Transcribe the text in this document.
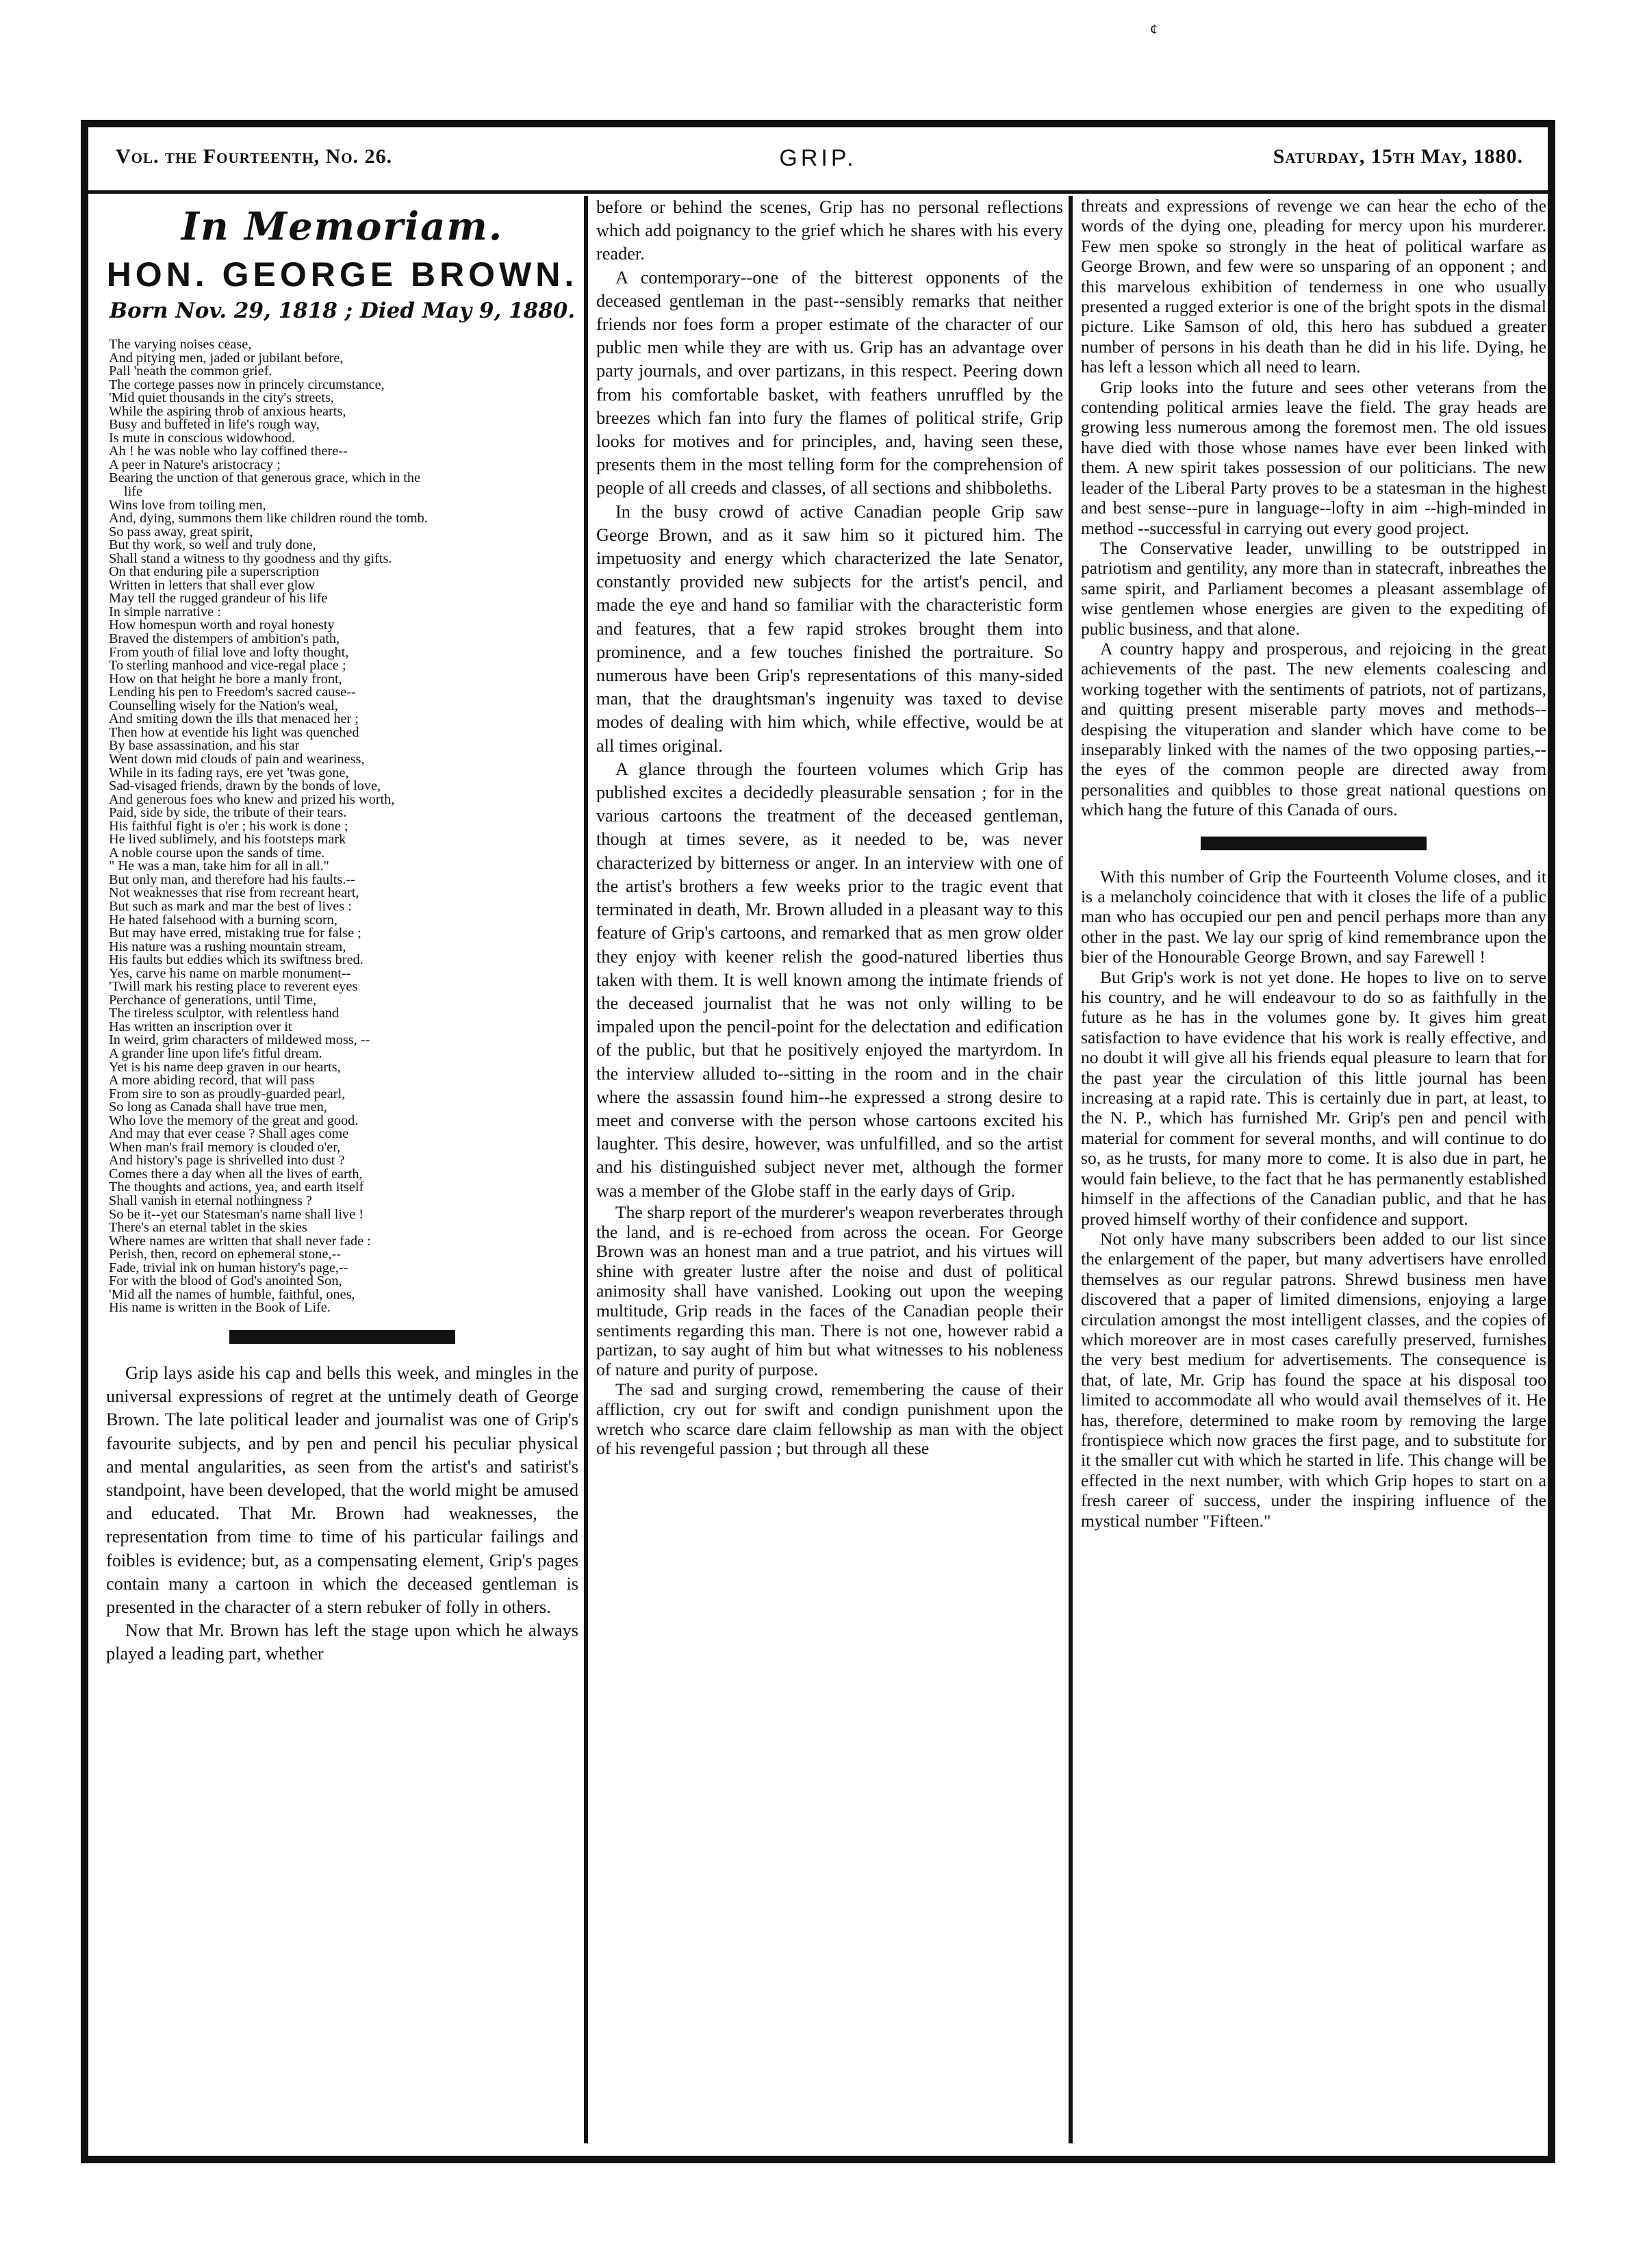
¢
Vol. the Fourteenth, No. 26.	GRIP.	Saturday, 15th May, 1880.
In Memoriam.
HON. GEORGE BROWN.
Born Nov. 29, 1818 ; Died May 9, 1880.
The varying noises cease,
And pitying men, jaded or jubilant before,
Pall 'neath the common grief.
The cortege passes now in princely circumstance,
'Mid quiet thousands in the city's streets,
While the aspiring throb of anxious hearts,
Busy and buffeted in life's rough way,
Is mute in conscious widowhood.
Ah ! he was noble who lay coffined there--
A peer in Nature's aristocracy ;
Bearing the unction of that generous grace, which in the
life
Wins love from toiling men,
And, dying, summons them like children round the tomb.
So pass away, great spirit,
But thy work, so well and truly done,
Shall stand a witness to thy goodness and thy gifts.
On that enduring pile a superscription
Written in letters that shall ever glow
May tell the rugged grandeur of his life
In simple narrative :
How homespun worth and royal honesty
Braved the distempers of ambition's path,
From youth of filial love and lofty thought,
To sterling manhood and vice-regal place ;
How on that height he bore a manly front,
Lending his pen to Freedom's sacred cause--
Counselling wisely for the Nation's weal,
And smiting down the ills that menaced her ;
Then how at eventide his light was quenched
By base assassination, and his star
Went down mid clouds of pain and weariness,
While in its fading rays, ere yet 'twas gone,
Sad-visaged friends, drawn by the bonds of love,
And generous foes who knew and prized his worth,
Paid, side by side, the tribute of their tears.
His faithful fight is o'er ; his work is done ;
He lived sublimely, and his footsteps mark
A noble course upon the sands of time.
" He was a man, take him for all in all."
But only man, and therefore had his faults.--
Not weaknesses that rise from recreant heart,
But such as mark and mar the best of lives :
He hated falsehood with a burning scorn,
But may have erred, mistaking true for false ;
His nature was a rushing mountain stream,
His faults but eddies which its swiftness bred.
Yes, carve his name on marble monument--
'Twill mark his resting place to reverent eyes
Perchance of generations, until Time,
The tireless sculptor, with relentless hand
Has written an inscription over it
In weird, grim characters of mildewed moss, --
A grander line upon life's fitful dream.
Yet is his name deep graven in our hearts,
A more abiding record, that will pass
From sire to son as proudly-guarded pearl,
So long as Canada shall have true men,
Who love the memory of the great and good.
And may that ever cease ? Shall ages come
When man's frail memory is clouded o'er,
And history's page is shrivelled into dust ?
Comes there a day when all the lives of earth,
The thoughts and actions, yea, and earth itself
Shall vanish in eternal nothingness ?
So be it--yet our Statesman's name shall live !
There's an eternal tablet in the skies
Where names are written that shall never fade :
Perish, then, record on ephemeral stone,--
Fade, trivial ink on human history's page,--
For with the blood of God's anointed Son,
'Mid all the names of humble, faithful, ones,
His name is written in the Book of Life.

Grip lays aside his cap and bells this week, and mingles in the universal expressions of regret at the untimely death of George Brown. The late political leader and journalist was one of Grip's favourite subjects, and by pen and pencil his peculiar physical and mental angularities, as seen from the artist's and satirist's standpoint, have been developed, that the world might be amused and educated. That Mr. Brown had weaknesses, the representation from time to time of his particular failings and foibles is evidence; but, as a compensating element, Grip's pages contain many a cartoon in which the deceased gentleman is presented in the character of a stern rebuker of folly in others.

Now that Mr. Brown has left the stage upon which he always played a leading part, whether

before or behind the scenes, Grip has no personal reflections which add poignancy to the grief which he shares with his every reader.

A contemporary--one of the bitterest opponents of the deceased gentleman in the past--sensibly remarks that neither friends nor foes form a proper estimate of the character of our public men while they are with us. Grip has an advantage over party journals, and over partizans, in this respect. Peering down from his comfortable basket, with feathers unruffled by the breezes which fan into fury the flames of political strife, Grip looks for motives and for principles, and, having seen these, presents them in the most telling form for the comprehension of people of all creeds and classes, of all sections and shibboleths.

In the busy crowd of active Canadian people Grip saw George Brown, and as it saw him so it pictured him. The impetuosity and energy which characterized the late Senator, constantly provided new subjects for the artist's pencil, and made the eye and hand so familiar with the characteristic form and features, that a few rapid strokes brought them into prominence, and a few touches finished the portraiture. So numerous have been Grip's representations of this many-sided man, that the draughtsman's ingenuity was taxed to devise modes of dealing with him which, while effective, would be at all times original.

A glance through the fourteen volumes which Grip has published excites a decidedly pleasurable sensation ; for in the various cartoons the treatment of the deceased gentleman, though at times severe, as it needed to be, was never characterized by bitterness or anger. In an interview with one of the artist's brothers a few weeks prior to the tragic event that terminated in death, Mr. Brown alluded in a pleasant way to this feature of Grip's cartoons, and remarked that as men grow older they enjoy with keener relish the good-natured liberties thus taken with them. It is well known among the intimate friends of the deceased journalist that he was not only willing to be impaled upon the pencil-point for the delectation and edification of the public, but that he positively enjoyed the martyrdom. In the interview alluded to--sitting in the room and in the chair where the assassin found him--he expressed a strong desire to meet and converse with the person whose cartoons excited his laughter. This desire, however, was unfulfilled, and so the artist and his distinguished subject never met, although the former was a member of the Globe staff in the early days of Grip.

The sharp report of the murderer's weapon reverberates through the land, and is re-echoed from across the ocean. For George Brown was an honest man and a true patriot, and his virtues will shine with greater lustre after the noise and dust of political animosity shall have vanished. Looking out upon the weeping multitude, Grip reads in the faces of the Canadian people their sentiments regarding this man. There is not one, however rabid a partizan, to say aught of him but what witnesses to his nobleness of nature and purity of purpose.

The sad and surging crowd, remembering the cause of their affliction, cry out for swift and condign punishment upon the wretch who scarce dare claim fellowship as man with the object of his revengeful passion ; but through all these

threats and expressions of revenge we can hear the echo of the words of the dying one, pleading for mercy upon his murderer. Few men spoke so strongly in the heat of political warfare as George Brown, and few were so unsparing of an opponent ; and this marvelous exhibition of tenderness in one who usually presented a rugged exterior is one of the bright spots in the dismal picture. Like Samson of old, this hero has subdued a greater number of persons in his death than he did in his life. Dying, he has left a lesson which all need to learn.

Grip looks into the future and sees other veterans from the contending political armies leave the field. The gray heads are growing less numerous among the foremost men. The old issues have died with those whose names have ever been linked with them. A new spirit takes possession of our politicians. The new leader of the Liberal Party proves to be a statesman in the highest and best sense--pure in language--lofty in aim --high-minded in method --successful in carrying out every good project.

The Conservative leader, unwilling to be outstripped in patriotism and gentility, any more than in statecraft, inbreathes the same spirit, and Parliament becomes a pleasant assemblage of wise gentlemen whose energies are given to the expediting of public business, and that alone.

A country happy and prosperous, and rejoicing in the great achievements of the past. The new elements coalescing and working together with the sentiments of patriots, not of partizans, and quitting present miserable party moves and methods--despising the vituperation and slander which have come to be inseparably linked with the names of the two opposing parties,--the eyes of the common people are directed away from personalities and quibbles to those great national questions on which hang the future of this Canada of ours.

With this number of Grip the Fourteenth Volume closes, and it is a melancholy coincidence that with it closes the life of a public man who has occupied our pen and pencil perhaps more than any other in the past. We lay our sprig of kind remembrance upon the bier of the Honourable George Brown, and say Farewell !

But Grip's work is not yet done. He hopes to live on to serve his country, and he will endeavour to do so as faithfully in the future as he has in the volumes gone by. It gives him great satisfaction to have evidence that his work is really effective, and no doubt it will give all his friends equal pleasure to learn that for the past year the circulation of this little journal has been increasing at a rapid rate. This is certainly due in part, at least, to the N. P., which has furnished Mr. Grip's pen and pencil with material for comment for several months, and will continue to do so, as he trusts, for many more to come. It is also due in part, he would fain believe, to the fact that he has permanently established himself in the affections of the Canadian public, and that he has proved himself worthy of their confidence and support.

Not only have many subscribers been added to our list since the enlargement of the paper, but many advertisers have enrolled themselves as our regular patrons. Shrewd business men have discovered that a paper of limited dimensions, enjoying a large circulation amongst the most intelligent classes, and the copies of which moreover are in most cases carefully preserved, furnishes the very best medium for advertisements. The consequence is that, of late, Mr. Grip has found the space at his disposal too limited to accommodate all who would avail themselves of it. He has, therefore, determined to make room by removing the large frontispiece which now graces the first page, and to substitute for it the smaller cut with which he started in life. This change will be effected in the next number, with which Grip hopes to start on a fresh career of success, under the inspiring influence of the mystical number "Fifteen."
